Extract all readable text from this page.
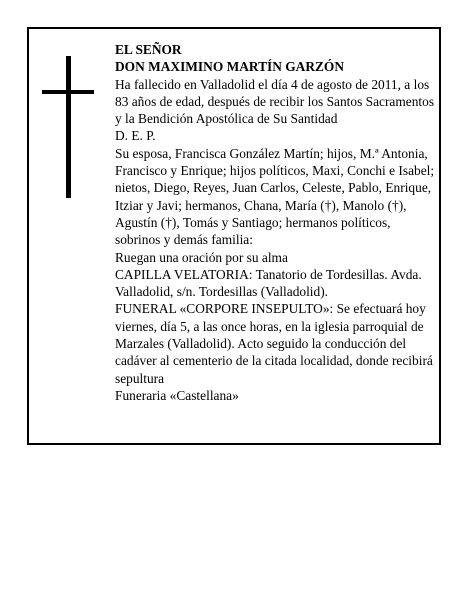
EL SEÑOR

DON MAXIMINO MARTÍN GARZÓN

Ha fallecido en Valladolid el día 4 de agosto de 2011, a los 83 años de edad, después de recibir los Santos Sacramentos y la Bendición Apostólica de Su Santidad

D. E. P.

Su esposa, Francisca González Martín; hijos, M.ª Antonia, Francisco y Enrique; hijos políticos, Maxi, Conchi e Isabel; nietos, Diego, Reyes, Juan Carlos, Celeste, Pablo, Enrique, Itziar y Javi; hermanos, Chana, María (†), Manolo (†), Agustín (†), Tomás y Santiago; hermanos políticos, sobrinos y demás familia:

Ruegan una oración por su alma

CAPILLA VELATORIA: Tanatorio de Tordesillas. Avda. Valladolid, s/n. Tordesillas (Valladolid).

FUNERAL «CORPORE INSEPULTO»: Se efectuará hoy viernes, día 5, a las once horas, en la iglesia parroquial de Marzales (Valladolid). Acto seguido la conducción del cadáver al cementerio de la citada localidad, donde recibirá sepultura

Funeraria «Castellana»
